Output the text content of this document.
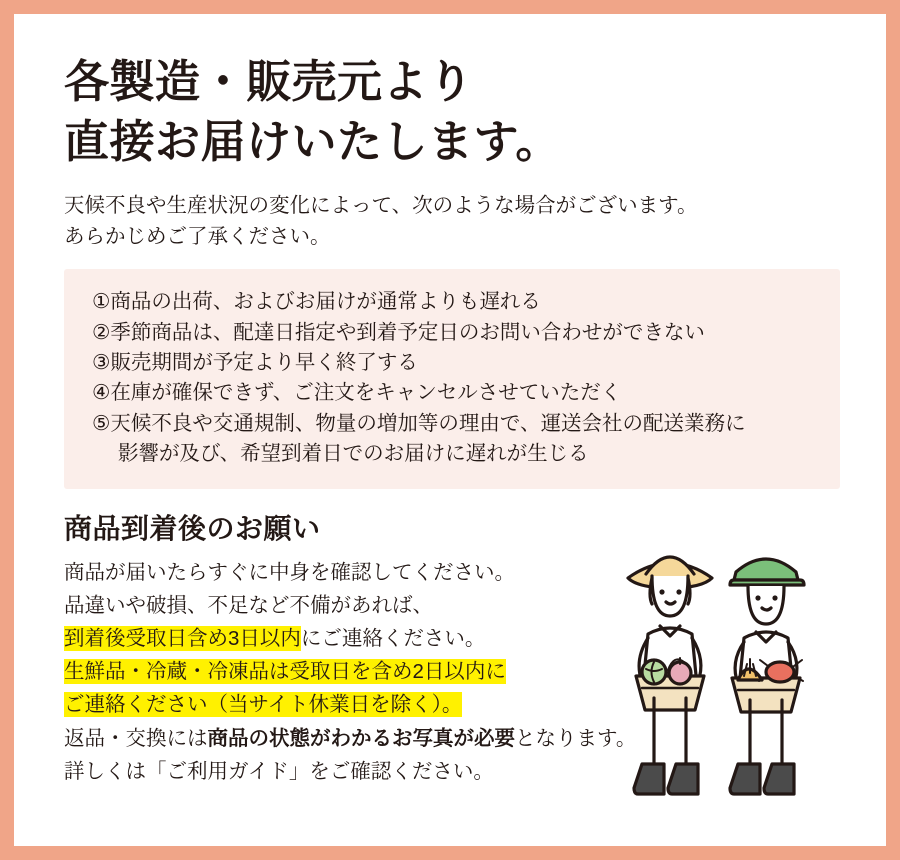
各製造・販売元より
直接お届けいたします。

天候不良や生産状況の変化によって、次のような場合がございます。
あらかじめご了承ください。

①商品の出荷、およびお届けが通常よりも遅れる
②季節商品は、配達日指定や到着予定日のお問い合わせができない
③販売期間が予定より早く終了する
④在庫が確保できず、ご注文をキャンセルさせていただく
⑤天候不良や交通規制、物量の増加等の理由で、運送会社の配送業務に
影響が及び、希望到着日でのお届けに遅れが生じる
商品到着後のお願い
商品が届いたらすぐに中身を確認してください。
品違いや破損、不足など不備があれば、
到着後受取日含め3日以内にご連絡ください。
生鮮品・冷蔵・冷凍品は受取日を含め2日以内に
ご連絡ください（当サイト休業日を除く）。
返品・交換には商品の状態がわかるお写真が必要となります。
詳しくは「ご利用ガイド」をご確認ください。
